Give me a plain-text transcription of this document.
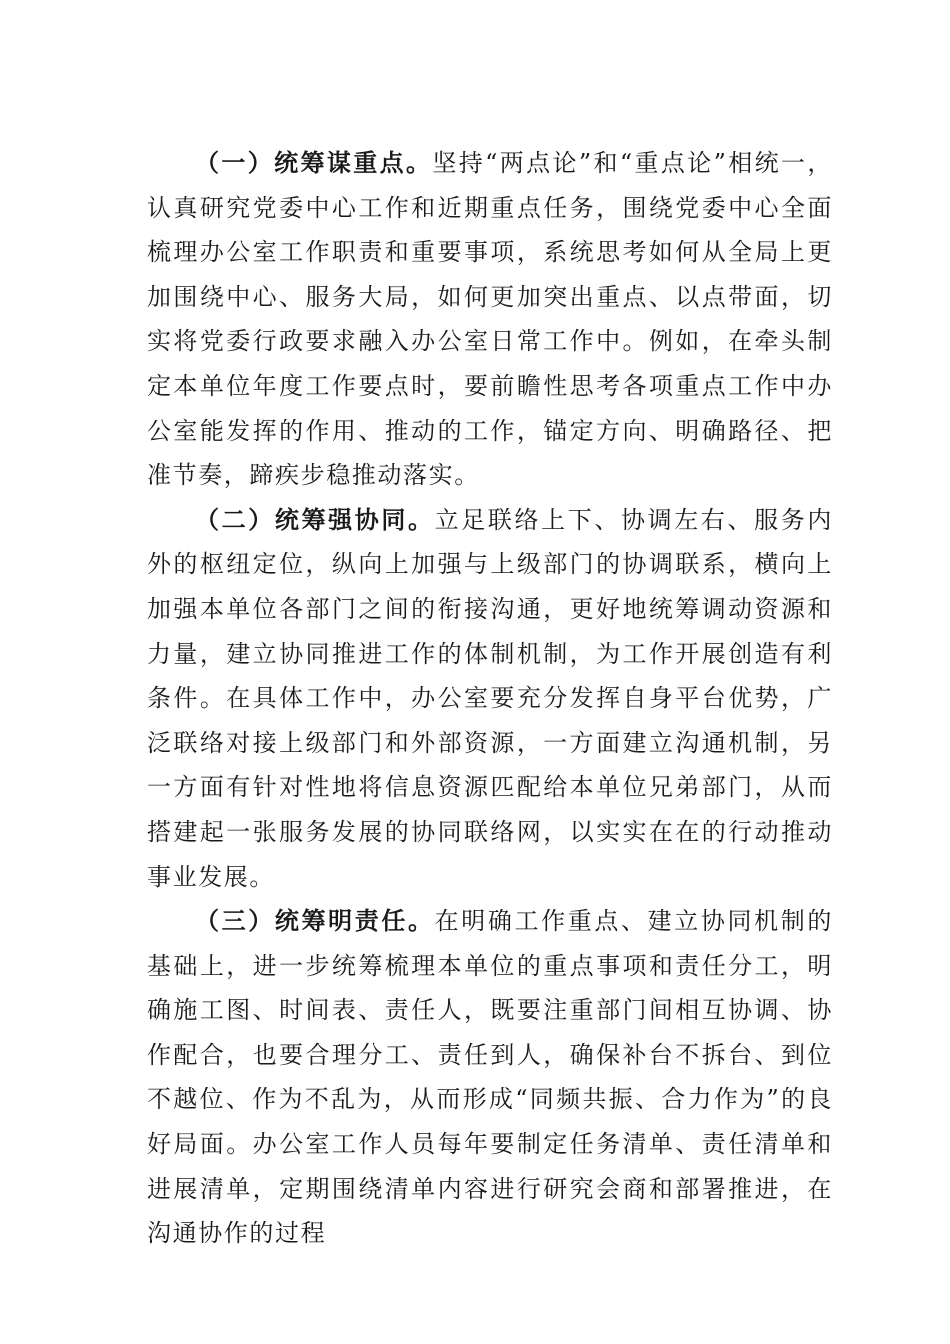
（一）统筹谋重点。坚持“两点论”和“重点论”相统一，认真研究党委中心工作和近期重点任务，围绕党委中心全面梳理办公室工作职责和重要事项，系统思考如何从全局上更加围绕中心、服务大局，如何更加突出重点、以点带面，切实将党委行政要求融入办公室日常工作中。例如，在牵头制定本单位年度工作要点时，要前瞻性思考各项重点工作中办公室能发挥的作用、推动的工作，锚定方向、明确路径、把准节奏，蹄疾步稳推动落实。

（二）统筹强协同。立足联络上下、协调左右、服务内外的枢纽定位，纵向上加强与上级部门的协调联系，横向上加强本单位各部门之间的衔接沟通，更好地统筹调动资源和力量，建立协同推进工作的体制机制，为工作开展创造有利条件。在具体工作中，办公室要充分发挥自身平台优势，广泛联络对接上级部门和外部资源，一方面建立沟通机制，另一方面有针对性地将信息资源匹配给本单位兄弟部门，从而搭建起一张服务发展的协同联络网，以实实在在的行动推动事业发展。

（三）统筹明责任。在明确工作重点、建立协同机制的基础上，进一步统筹梳理本单位的重点事项和责任分工，明确施工图、时间表、责任人，既要注重部门间相互协调、协作配合，也要合理分工、责任到人，确保补台不拆台、到位不越位、作为不乱为，从而形成“同频共振、合力作为”的良好局面。办公室工作人员每年要制定任务清单、责任清单和进展清单，定期围绕清单内容进行研究会商和部署推进，在沟通协作的过程
